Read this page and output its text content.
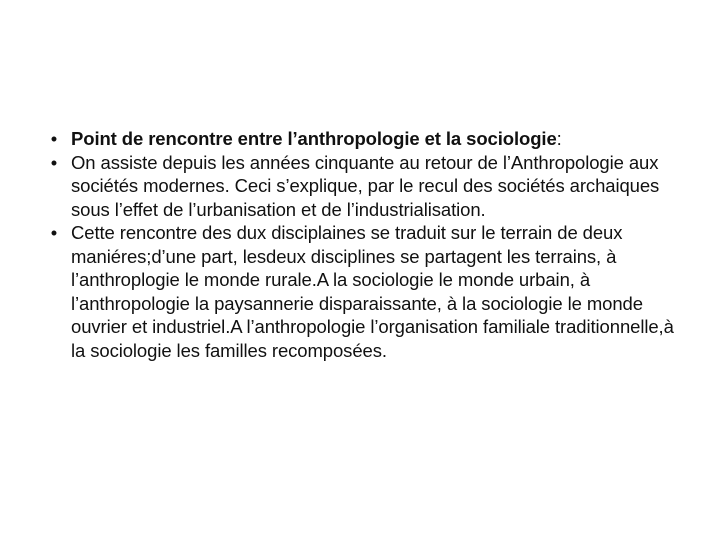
• Point de rencontre entre l’anthropologie et la sociologie:
• On assiste depuis les années cinquante au retour de l’Anthropologie aux sociétés modernes. Ceci s’explique, par le recul des sociétés archaiques sous l’effet de l’urbanisation et de l’industrialisation.
• Cette rencontre des dux disciplaines se traduit sur le terrain de deux maniéres;d’une part, lesdeux disciplines se partagent les terrains, à l’anthroplogie le monde rurale.A la sociologie le monde urbain, à l’anthropologie la paysannerie disparaissante, à la sociologie le monde ouvrier et industriel.A l’anthropologie l’organisation familiale traditionnelle,à la sociologie les familles recomposées.
